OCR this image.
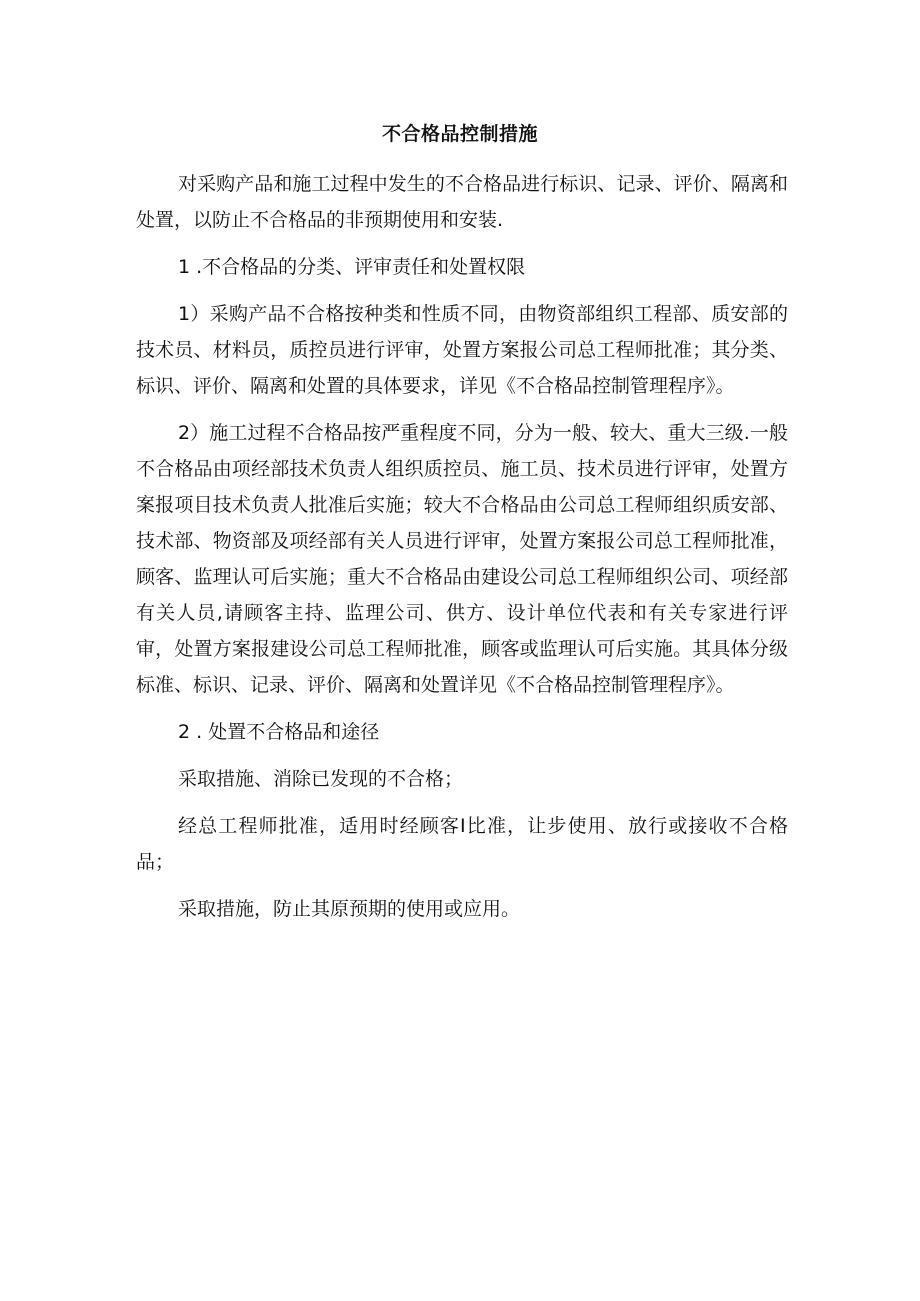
不合格品控制措施

对采购产品和施工过程中发生的不合格品进行标识、记录、评价、隔离和处置，以防止不合格品的非预期使用和安装.

1 .不合格品的分类、评审责任和处置权限

1）采购产品不合格按种类和性质不同，由物资部组织工程部、质安部的技术员、材料员，质控员进行评审，处置方案报公司总工程师批准；其分类、标识、评价、隔离和处置的具体要求，详见《不合格品控制管理程序》。

2）施工过程不合格品按严重程度不同，分为一般、较大、重大三级.一般不合格品由项经部技术负责人组织质控员、施工员、技术员进行评审，处置方案报项目技术负责人批准后实施；较大不合格品由公司总工程师组织质安部、技术部、物资部及项经部有关人员进行评审，处置方案报公司总工程师批准，顾客、监理认可后实施；重大不合格品由建设公司总工程师组织公司、项经部有关人员,请顾客主持、监理公司、供方、设计单位代表和有关专家进行评审，处置方案报建设公司总工程师批准，顾客或监理认可后实施。其具体分级标准、标识、记录、评价、隔离和处置详见《不合格品控制管理程序》。

2 . 处置不合格品和途径

采取措施、消除已发现的不合格；

经总工程师批准，适用时经顾客I比准，让步使用、放行或接收不合格品；

采取措施，防止其原预期的使用或应用。
